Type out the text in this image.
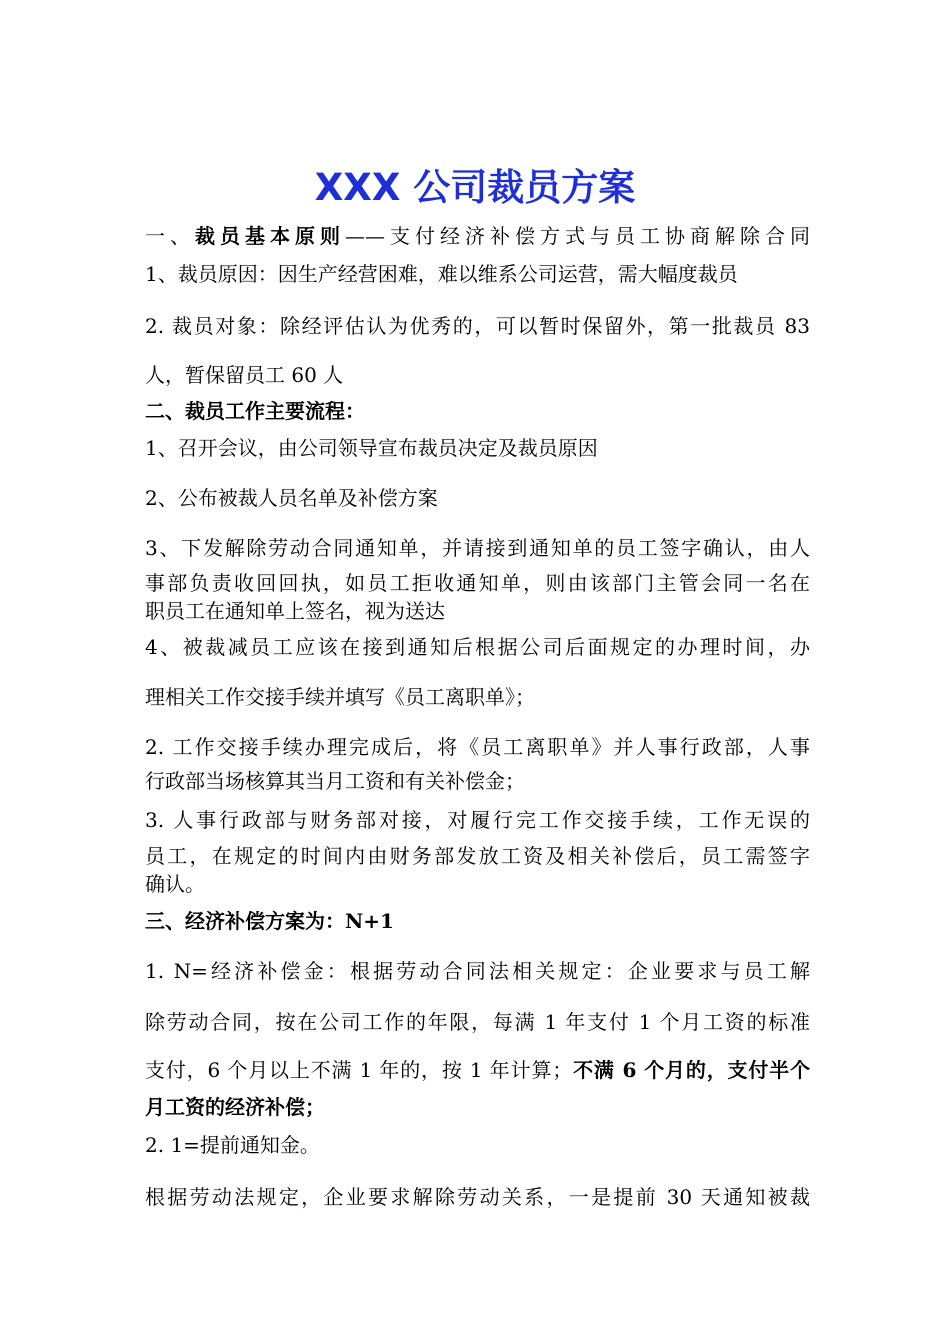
XXX 公司裁员方案
一、裁员基本原则——支付经济补偿方式与员工协商解除合同
1、裁员原因：因生产经营困难，难以维系公司运营，需大幅度裁员
2. 裁员对象：除经评估认为优秀的，可以暂时保留外，第一批裁员 83
人，暂保留员工 60 人
二、裁员工作主要流程：
1、召开会议，由公司领导宣布裁员决定及裁员原因
2、公布被裁人员名单及补偿方案
3、下发解除劳动合同通知单，并请接到通知单的员工签字确认，由人
事部负责收回回执，如员工拒收通知单，则由该部门主管会同一名在
职员工在通知单上签名，视为送达
4、被裁减员工应该在接到通知后根据公司后面规定的办理时间，办
理相关工作交接手续并填写《员工离职单》；
2. 工作交接手续办理完成后，将《员工离职单》并人事行政部，人事
行政部当场核算其当月工资和有关补偿金；
3. 人事行政部与财务部对接，对履行完工作交接手续，工作无误的
员工，在规定的时间内由财务部发放工资及相关补偿后，员工需签字
确认。
三、经济补偿方案为：N+1
1. N=经济补偿金：根据劳动合同法相关规定：企业要求与员工解
除劳动合同，按在公司工作的年限，每满 1 年支付 1 个月工资的标准
支付，6 个月以上不满 1 年的，按 1 年计算；不满 6 个月的，支付半个
月工资的经济补偿；
2. 1=提前通知金。
根据劳动法规定，企业要求解除劳动关系，一是提前 30 天通知被裁
